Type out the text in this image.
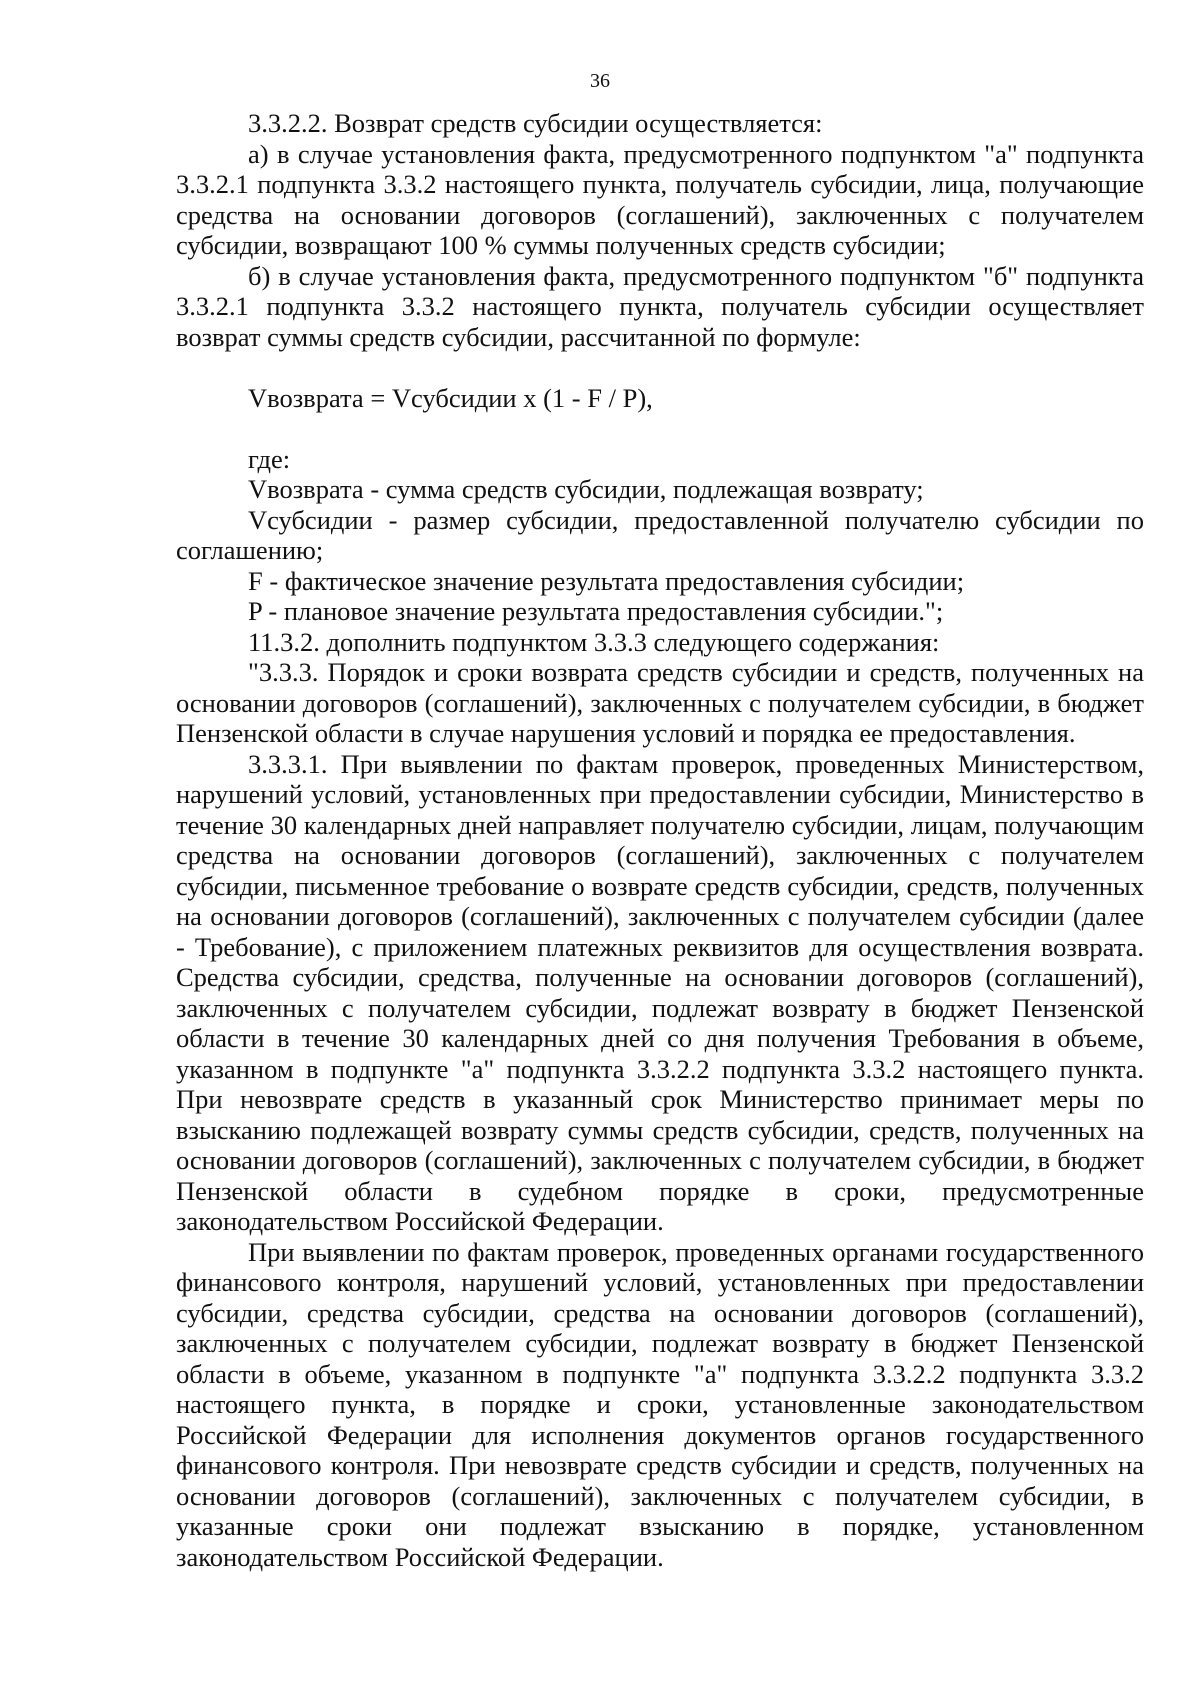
36

3.3.2.2. Возврат средств субсидии осуществляется:

а) в случае установления факта, предусмотренного подпунктом "а" подпункта 3.3.2.1 подпункта 3.3.2 настоящего пункта, получатель субсидии, лица, получающие средства на основании договоров (соглашений), заключенных с получателем субсидии, возвращают 100 % суммы полученных средств субсидии;

б) в случае установления факта, предусмотренного подпунктом "б" подпункта 3.3.2.1 подпункта 3.3.2 настоящего пункта, получатель субсидии осуществляет возврат суммы средств субсидии, рассчитанной по формуле:

Vвозврата = Vсубсидии x (1 - F / P),

где:

Vвозврата - сумма средств субсидии, подлежащая возврату;

Vсубсидии - размер субсидии, предоставленной получателю субсидии по соглашению;

F - фактическое значение результата предоставления субсидии;

P - плановое значение результата предоставления субсидии.";

11.3.2. дополнить подпунктом 3.3.3 следующего содержания:

"3.3.3. Порядок и сроки возврата средств субсидии и средств, полученных на основании договоров (соглашений), заключенных с получателем субсидии, в бюджет Пензенской области в случае нарушения условий и порядка ее предоставления.

3.3.3.1. При выявлении по фактам проверок, проведенных Министерством, нарушений условий, установленных при предоставлении субсидии, Министерство в течение 30 календарных дней направляет получателю субсидии, лицам, получающим средства на основании договоров (соглашений), заключенных с получателем субсидии, письменное требование о возврате средств субсидии, средств, полученных на основании договоров (соглашений), заключенных с получателем субсидии (далее - Требование), с приложением платежных реквизитов для осуществления возврата. Средства субсидии, средства, полученные на основании договоров (соглашений), заключенных с получателем субсидии, подлежат возврату в бюджет Пензенской области в течение 30 календарных дней со дня получения Требования в объеме, указанном в подпункте "а" подпункта 3.3.2.2 подпункта 3.3.2 настоящего пункта. При невозврате средств в указанный срок Министерство принимает меры по взысканию подлежащей возврату суммы средств субсидии, средств, полученных на основании договоров (соглашений), заключенных с получателем субсидии, в бюджет Пензенской области в судебном порядке в сроки, предусмотренные законодательством Российской Федерации.

При выявлении по фактам проверок, проведенных органами государственного финансового контроля, нарушений условий, установленных при предоставлении субсидии, средства субсидии, средства на основании договоров (соглашений), заключенных с получателем субсидии, подлежат возврату в бюджет Пензенской области в объеме, указанном в подпункте "а" подпункта 3.3.2.2 подпункта 3.3.2 настоящего пункта, в порядке и сроки, установленные законодательством Российской Федерации для исполнения документов органов государственного финансового контроля. При невозврате средств субсидии и средств, полученных на основании договоров (соглашений), заключенных с получателем субсидии, в указанные сроки они подлежат взысканию в порядке, установленном законодательством Российской Федерации.
